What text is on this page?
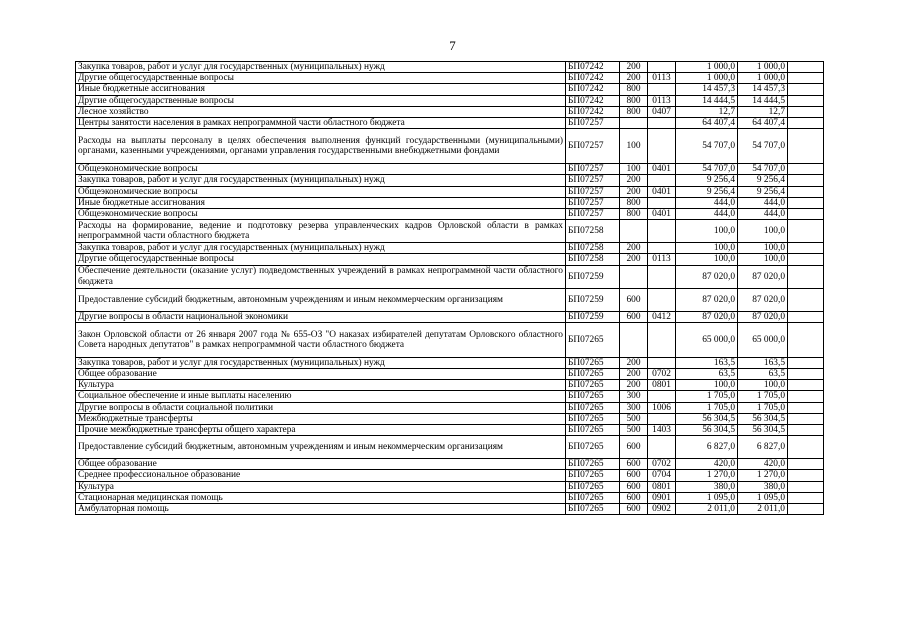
7
Закупка товаров, работ и услуг для государственных (муниципальных) нужд	БП07242	200		1 000,0	1 000,0	
Другие общегосударственные вопросы	БП07242	200	0113	1 000,0	1 000,0	
Иные бюджетные ассигнования	БП07242	800		14 457,3	14 457,3	
Другие общегосударственные вопросы	БП07242	800	0113	14 444,5	14 444,5	
Лесное хозяйство	БП07242	800	0407	12,7	12,7	
Центры занятости населения в рамках непрограммной части областного бюджета	БП07257			64 407,4	64 407,4	
Расходы на выплаты персоналу в целях обеспечения выполнения функций государственными (муниципальными) органами, казенными учреждениями, органами управления государственными внебюджетными фондами	БП07257	100		54 707,0	54 707,0	
Общеэкономические вопросы	БП07257	100	0401	54 707,0	54 707,0	
Закупка товаров, работ и услуг для государственных (муниципальных) нужд	БП07257	200		9 256,4	9 256,4	
Общеэкономические вопросы	БП07257	200	0401	9 256,4	9 256,4	
Иные бюджетные ассигнования	БП07257	800		444,0	444,0	
Общеэкономические вопросы	БП07257	800	0401	444,0	444,0	
Расходы на формирование, ведение и подготовку резерва управленческих кадров Орловской области в рамках непрограммной части областного бюджета	БП07258			100,0	100,0	
Закупка товаров, работ и услуг для государственных (муниципальных) нужд	БП07258	200		100,0	100,0	
Другие общегосударственные вопросы	БП07258	200	0113	100,0	100,0	
Обеспечение деятельности (оказание услуг) подведомственных учреждений в рамках непрограммной части областного бюджета	БП07259			87 020,0	87 020,0	
Предоставление субсидий бюджетным, автономным учреждениям и иным некоммерческим организациям	БП07259	600		87 020,0	87 020,0	
Другие вопросы в области национальной экономики	БП07259	600	0412	87 020,0	87 020,0	
Закон Орловской области от 26 января 2007 года № 655-ОЗ "О наказах избирателей депутатам Орловского областного Совета народных депутатов" в рамках непрограммной части областного бюджета	БП07265			65 000,0	65 000,0	
Закупка товаров, работ и услуг для государственных (муниципальных) нужд	БП07265	200		163,5	163,5	
Общее образование	БП07265	200	0702	63,5	63,5	
Культура	БП07265	200	0801	100,0	100,0	
Социальное обеспечение и иные выплаты населению	БП07265	300		1 705,0	1 705,0	
Другие вопросы в области социальной политики	БП07265	300	1006	1 705,0	1 705,0	
Межбюджетные трансферты	БП07265	500		56 304,5	56 304,5	
Прочие межбюджетные трансферты общего характера	БП07265	500	1403	56 304,5	56 304,5	
Предоставление субсидий бюджетным, автономным учреждениям и иным некоммерческим организациям	БП07265	600		6 827,0	6 827,0	
Общее образование	БП07265	600	0702	420,0	420,0	
Среднее профессиональное образование	БП07265	600	0704	1 270,0	1 270,0	
Культура	БП07265	600	0801	380,0	380,0	
Стационарная медицинская помощь	БП07265	600	0901	1 095,0	1 095,0	
Амбулаторная помощь	БП07265	600	0902	2 011,0	2 011,0	
